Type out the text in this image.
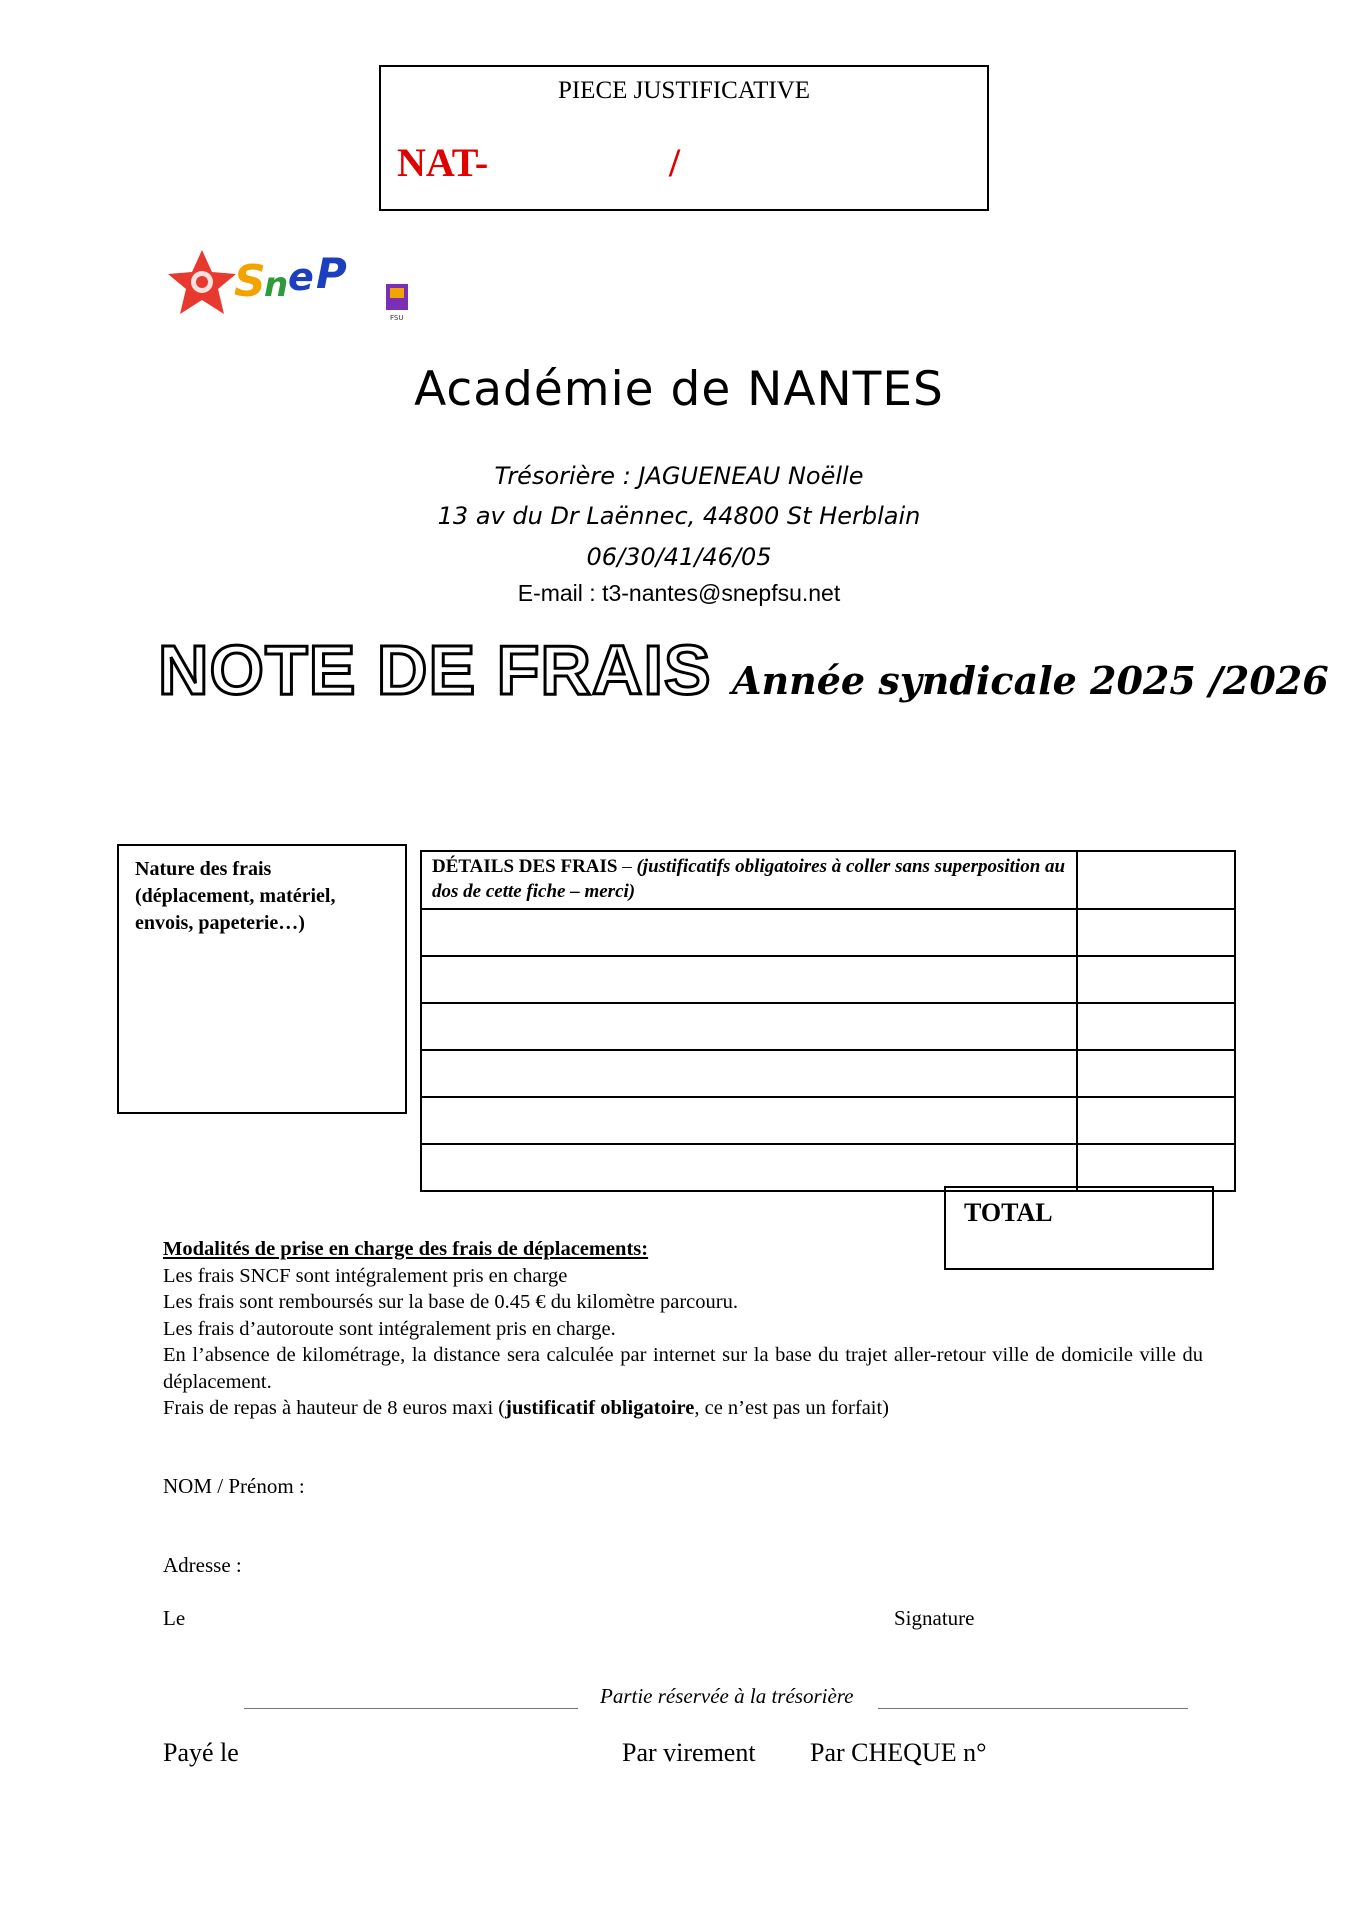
PIECE JUSTIFICATIVE
NAT-	/
S
n e P
FSU
Académie de NANTES
Trésorière : JAGUENEAU Noëlle
13 av du Dr Laënnec, 44800 St Herblain
06/30/41/46/05
E-mail : t3-nantes@snepfsu.net
NOTE DE FRAIS Année syndicale 2025 /2026
Nature des frais (déplacement, matériel, envois, papeterie…)
DÉTAILS DES FRAIS – (justificatifs obligatoires à coller sans superposition au dos de cette fiche – merci)	

TOTAL
Modalités de prise en charge des frais de déplacements:
Les frais SNCF sont intégralement pris en charge
Les frais sont remboursés sur la base de 0.45 € du kilomètre parcouru.
Les frais d’autoroute sont intégralement pris en charge.
En l’absence de kilométrage, la distance sera calculée par internet sur la base du trajet aller-retour ville de domicile ville du déplacement.
Frais de repas à hauteur de 8 euros maxi (justificatif obligatoire, ce n’est pas un forfait)
NOM / Prénom :
Adresse :
Le	Signature
Partie réservée à la trésorière
Payé le	Par virement Par CHEQUE n°
